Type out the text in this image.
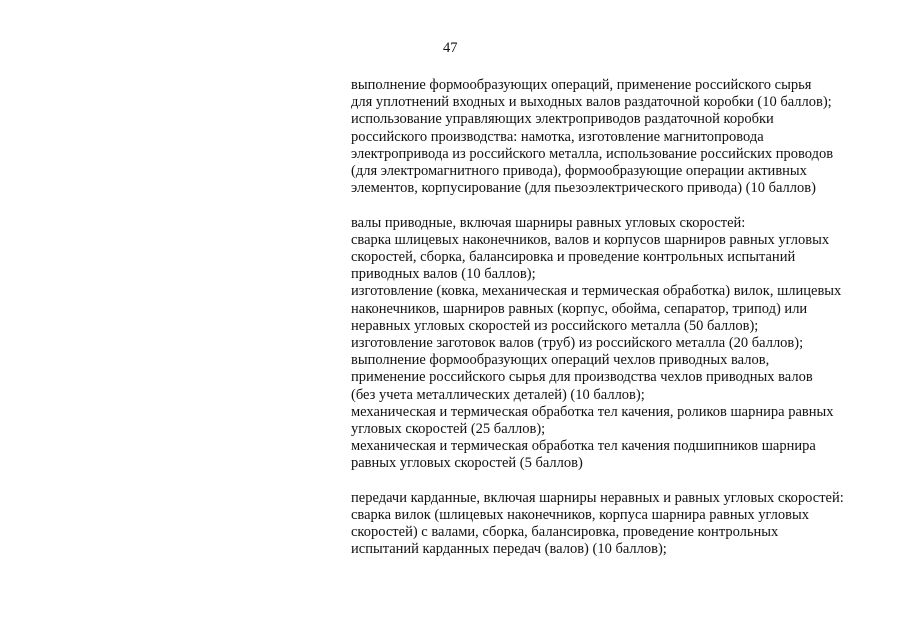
47

выполнение формообразующих операций, применение российского сырья
для уплотнений входных и выходных валов раздаточной коробки (10 баллов);
использование управляющих электроприводов раздаточной коробки
российского производства: намотка, изготовление магнитопровода
электропривода из российского металла, использование российских проводов
(для электромагнитного привода), формообразующие операции активных
элементов, корпусирование (для пьезоэлектрического привода) (10 баллов)

валы приводные, включая шарниры равных угловых скоростей:
сварка шлицевых наконечников, валов и корпусов шарниров равных угловых
скоростей, сборка, балансировка и проведение контрольных испытаний
приводных валов (10 баллов);
изготовление (ковка, механическая и термическая обработка) вилок, шлицевых
наконечников, шарниров равных (корпус, обойма, сепаратор, трипод) или
неравных угловых скоростей из российского металла (50 баллов);
изготовление заготовок валов (труб) из российского металла (20 баллов);
выполнение формообразующих операций чехлов приводных валов,
применение российского сырья для производства чехлов приводных валов
(без учета металлических деталей) (10 баллов);
механическая и термическая обработка тел качения, роликов шарнира равных
угловых скоростей (25 баллов);
механическая и термическая обработка тел качения подшипников шарнира
равных угловых скоростей (5 баллов)

передачи карданные, включая шарниры неравных и равных угловых скоростей:
сварка вилок (шлицевых наконечников, корпуса шарнира равных угловых
скоростей) с валами, сборка, балансировка, проведение контрольных
испытаний карданных передач (валов) (10 баллов);
